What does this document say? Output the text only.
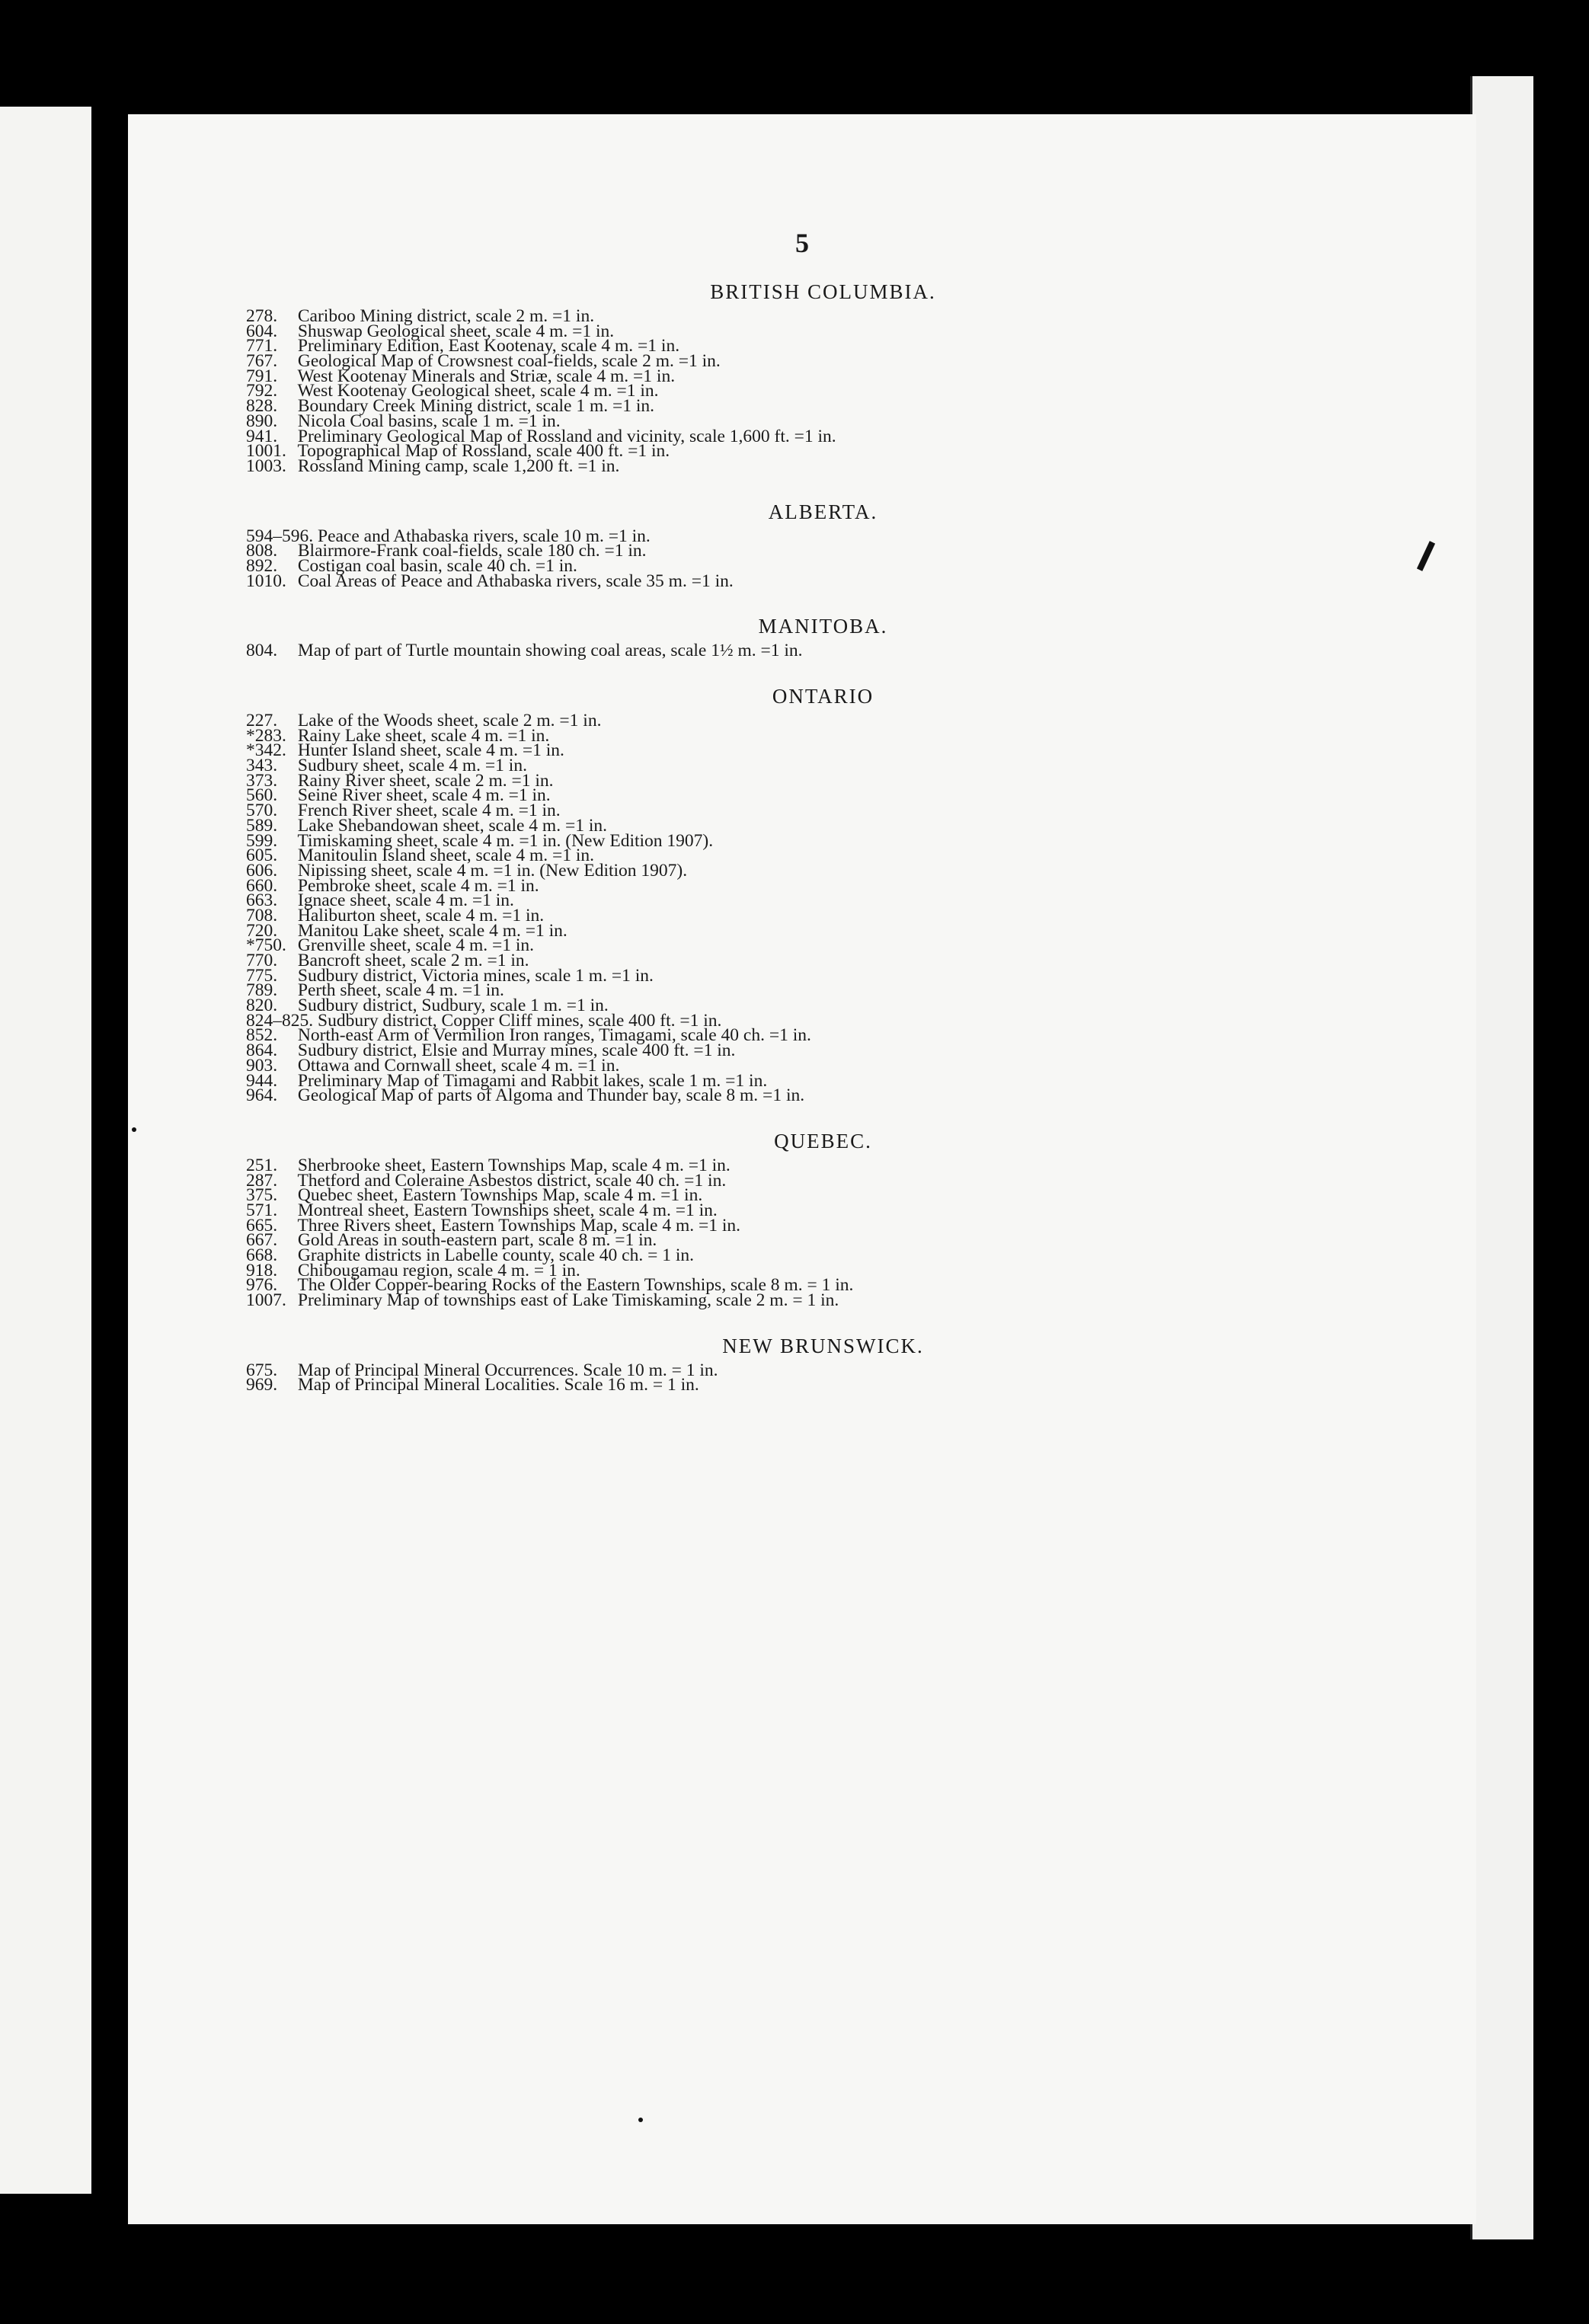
5
BRITISH COLUMBIA.
278. Cariboo Mining district, scale 2 m. =1 in.
604. Shuswap Geological sheet, scale 4 m. =1 in.
771. Preliminary Edition, East Kootenay, scale 4 m. =1 in.
767. Geological Map of Crowsnest coal-fields, scale 2 m. =1 in.
791. West Kootenay Minerals and Striæ, scale 4 m. =1 in.
792. West Kootenay Geological sheet, scale 4 m. =1 in.
828. Boundary Creek Mining district, scale 1 m. =1 in.
890. Nicola Coal basins, scale 1 m. =1 in.
941. Preliminary Geological Map of Rossland and vicinity, scale 1,600 ft. =1 in.
1001. Topographical Map of Rossland, scale 400 ft. =1 in.
1003. Rossland Mining camp, scale 1,200 ft. =1 in.
ALBERTA.
594–596. Peace and Athabaska rivers, scale 10 m. =1 in.
808. Blairmore-Frank coal-fields, scale 180 ch. =1 in.
892. Costigan coal basin, scale 40 ch. =1 in.
1010. Coal Areas of Peace and Athabaska rivers, scale 35 m. =1 in.
MANITOBA.
804. Map of part of Turtle mountain showing coal areas, scale 1½ m. =1 in.
ONTARIO
227. Lake of the Woods sheet, scale 2 m. =1 in.
*283. Rainy Lake sheet, scale 4 m. =1 in.
*342. Hunter Island sheet, scale 4 m. =1 in.
343. Sudbury sheet, scale 4 m. =1 in.
373. Rainy River sheet, scale 2 m. =1 in.
560. Seine River sheet, scale 4 m. =1 in.
570. French River sheet, scale 4 m. =1 in.
589. Lake Shebandowan sheet, scale 4 m. =1 in.
599. Timiskaming sheet, scale 4 m. =1 in. (New Edition 1907).
605. Manitoulin Island sheet, scale 4 m. =1 in.
606. Nipissing sheet, scale 4 m. =1 in. (New Edition 1907).
660. Pembroke sheet, scale 4 m. =1 in.
663. Ignace sheet, scale 4 m. =1 in.
708. Haliburton sheet, scale 4 m. =1 in.
720. Manitou Lake sheet, scale 4 m. =1 in.
*750. Grenville sheet, scale 4 m. =1 in.
770. Bancroft sheet, scale 2 m. =1 in.
775. Sudbury district, Victoria mines, scale 1 m. =1 in.
789. Perth sheet, scale 4 m. =1 in.
820. Sudbury district, Sudbury, scale 1 m. =1 in.
824–825. Sudbury district, Copper Cliff mines, scale 400 ft. =1 in.
852. North-east Arm of Vermilion Iron ranges, Timagami, scale 40 ch. =1 in.
864. Sudbury district, Elsie and Murray mines, scale 400 ft. =1 in.
903. Ottawa and Cornwall sheet, scale 4 m. =1 in.
944. Preliminary Map of Timagami and Rabbit lakes, scale 1 m. =1 in.
964. Geological Map of parts of Algoma and Thunder bay, scale 8 m. =1 in.
QUEBEC.
251. Sherbrooke sheet, Eastern Townships Map, scale 4 m. =1 in.
287. Thetford and Coleraine Asbestos district, scale 40 ch. =1 in.
375. Quebec sheet, Eastern Townships Map, scale 4 m. =1 in.
571. Montreal sheet, Eastern Townships sheet, scale 4 m. =1 in.
665. Three Rivers sheet, Eastern Townships Map, scale 4 m. =1 in.
667. Gold Areas in south-eastern part, scale 8 m. =1 in.
668. Graphite districts in Labelle county, scale 40 ch. = 1 in.
918. Chibougamau region, scale 4 m. = 1 in.
976. The Older Copper-bearing Rocks of the Eastern Townships, scale 8 m. = 1 in.
1007. Preliminary Map of townships east of Lake Timiskaming, scale 2 m. = 1 in.
NEW BRUNSWICK.
675. Map of Principal Mineral Occurrences. Scale 10 m. = 1 in.
969. Map of Principal Mineral Localities. Scale 16 m. = 1 in.
